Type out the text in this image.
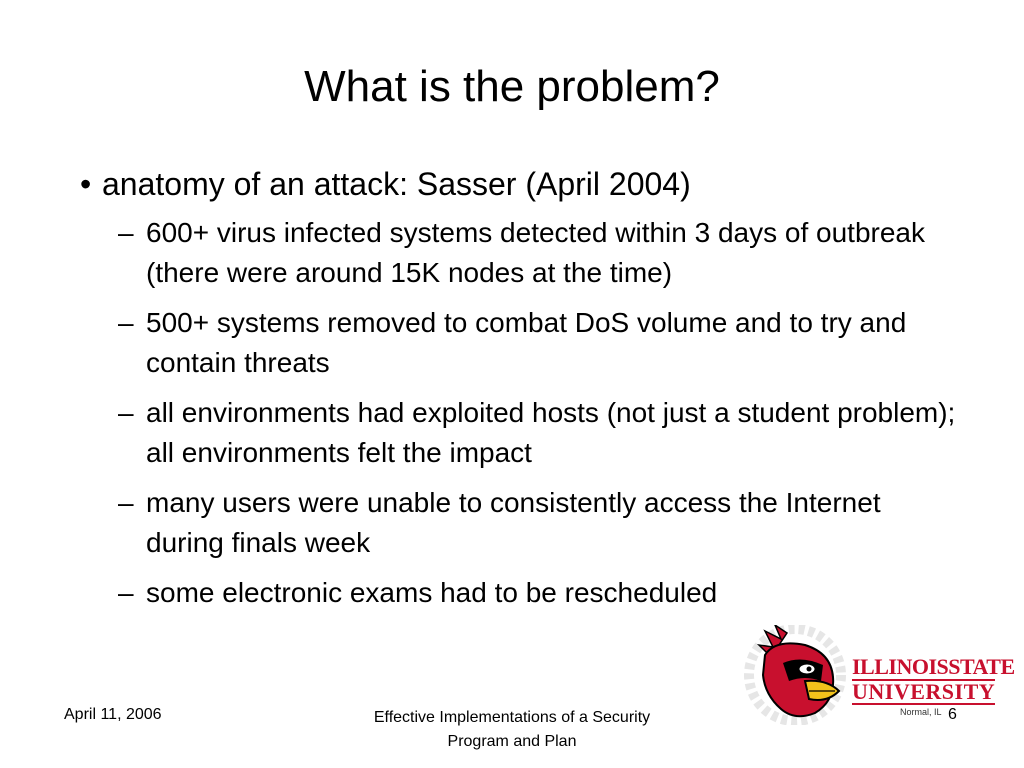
What is the problem?
• anatomy of an attack: Sasser (April 2004)
– 600+ virus infected systems detected within 3 days of outbreak (there were around 15K nodes at the time)
– 500+ systems removed to combat DoS volume and to try and contain threats
– all environments had exploited hosts (not just a student problem); all environments felt the impact
– many users were unable to consistently access the Internet during finals week
– some electronic exams had to be rescheduled
ILLINOISSTATE
UNIVERSITY
Normal, IL
April 11, 2006	Effective Implementations of a Security Program and Plan
6
